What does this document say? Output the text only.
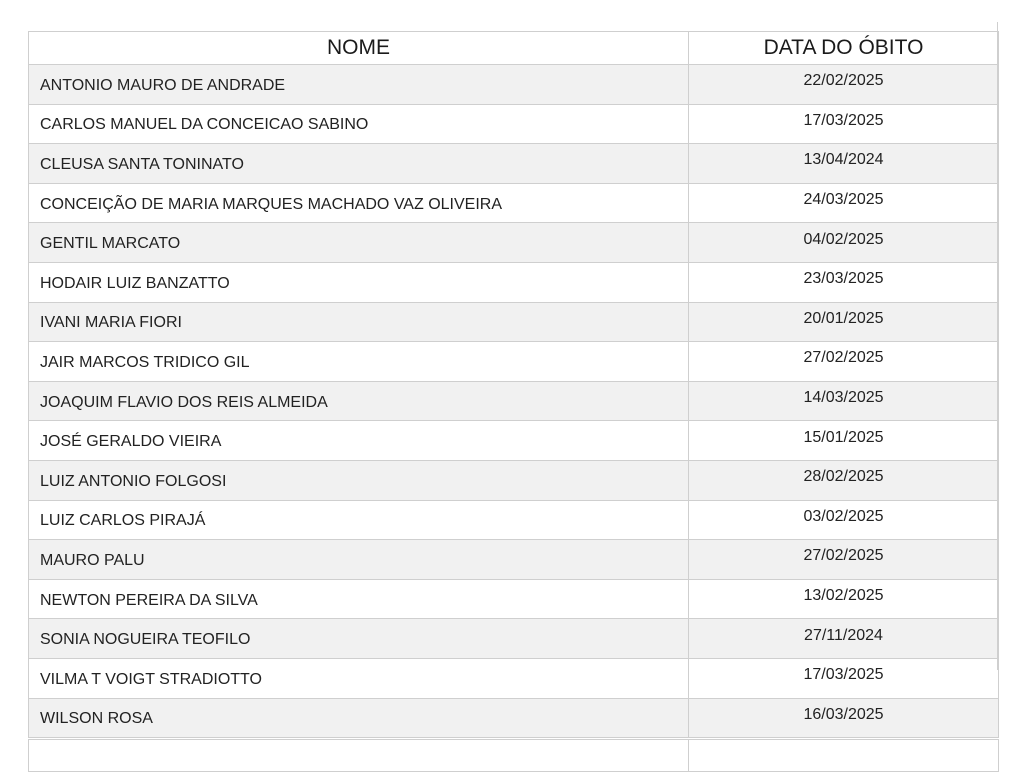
NOME	DATA DO ÓBITO
ANTONIO MAURO DE ANDRADE	22/02/2025
CARLOS MANUEL DA CONCEICAO SABINO	17/03/2025
CLEUSA SANTA TONINATO	13/04/2024
CONCEIÇÃO DE MARIA MARQUES MACHADO VAZ OLIVEIRA	24/03/2025
GENTIL MARCATO	04/02/2025
HODAIR LUIZ BANZATTO	23/03/2025
IVANI MARIA FIORI	20/01/2025
JAIR MARCOS TRIDICO GIL	27/02/2025
JOAQUIM FLAVIO DOS REIS ALMEIDA	14/03/2025
JOSÉ GERALDO VIEIRA	15/01/2025
LUIZ ANTONIO FOLGOSI	28/02/2025
LUIZ CARLOS PIRAJÁ	03/02/2025
MAURO PALU	27/02/2025
NEWTON PEREIRA DA SILVA	13/02/2025
SONIA NOGUEIRA TEOFILO	27/11/2024
VILMA T VOIGT STRADIOTTO	17/03/2025
WILSON ROSA	16/03/2025
